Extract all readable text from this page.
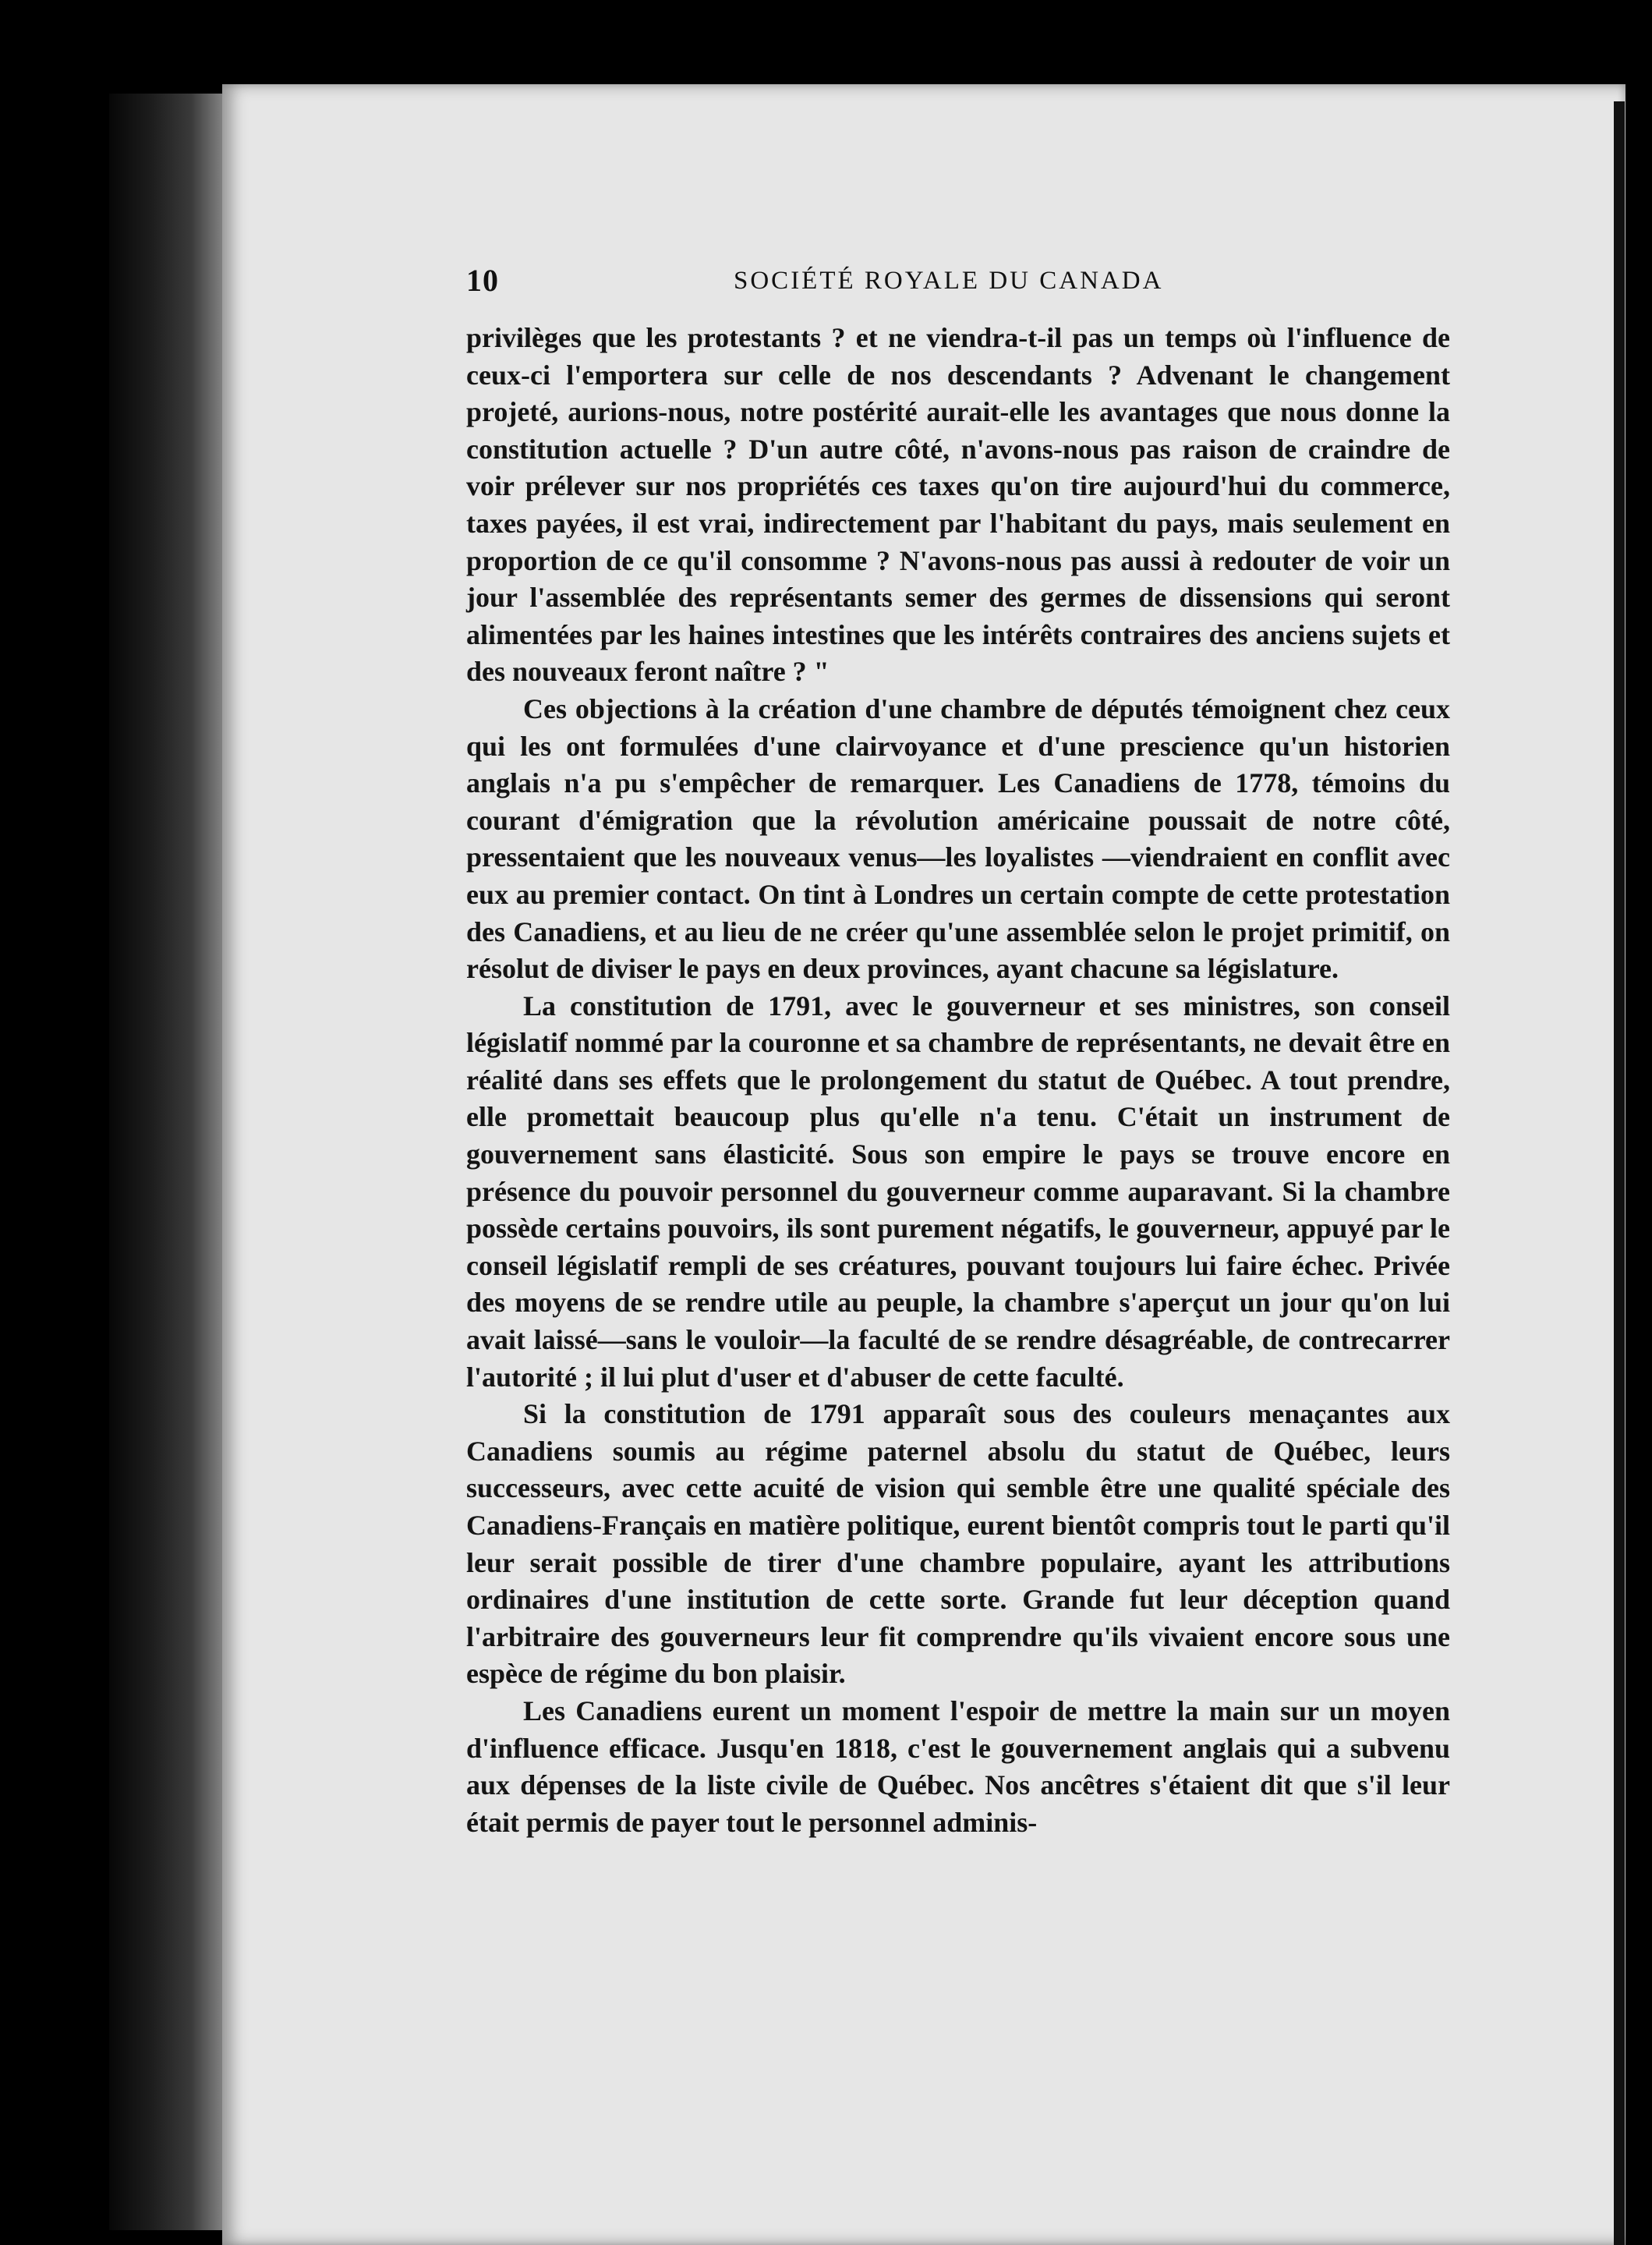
10	SOCIÉTÉ ROYALE DU CANADA

privilèges que les protestants ? et ne viendra-t-il pas un temps où l'influence de ceux-ci l'emportera sur celle de nos descendants ? Advenant le changement projeté, aurions-nous, notre postérité aurait-elle les avantages que nous donne la constitution actuelle ? D'un autre côté, n'avons-nous pas raison de craindre de voir prélever sur nos propriétés ces taxes qu'on tire aujourd'hui du commerce, taxes payées, il est vrai, indirectement par l'habitant du pays, mais seulement en proportion de ce qu'il consomme ? N'avons-nous pas aussi à redouter de voir un jour l'assemblée des représentants semer des germes de dissensions qui seront alimentées par les haines intestines que les intérêts contraires des anciens sujets et des nouveaux feront naître ? "

Ces objections à la création d'une chambre de députés témoignent chez ceux qui les ont formulées d'une clairvoyance et d'une prescience qu'un historien anglais n'a pu s'empêcher de remarquer. Les Canadiens de 1778, témoins du courant d'émigration que la révolution américaine poussait de notre côté, pressentaient que les nouveaux venus—les loyalistes —viendraient en conflit avec eux au premier contact. On tint à Londres un certain compte de cette protestation des Canadiens, et au lieu de ne créer qu'une assemblée selon le projet primitif, on résolut de diviser le pays en deux provinces, ayant chacune sa législature.

La constitution de 1791, avec le gouverneur et ses ministres, son conseil législatif nommé par la couronne et sa chambre de représentants, ne devait être en réalité dans ses effets que le prolongement du statut de Québec. A tout prendre, elle promettait beaucoup plus qu'elle n'a tenu. C'était un instrument de gouvernement sans élasticité. Sous son empire le pays se trouve encore en présence du pouvoir personnel du gouverneur comme auparavant. Si la chambre possède certains pouvoirs, ils sont purement négatifs, le gouverneur, appuyé par le conseil législatif rempli de ses créatures, pouvant toujours lui faire échec. Privée des moyens de se rendre utile au peuple, la chambre s'aperçut un jour qu'on lui avait laissé—sans le vouloir—la faculté de se rendre désagréable, de contrecarrer l'autorité ; il lui plut d'user et d'abuser de cette faculté.

Si la constitution de 1791 apparaît sous des couleurs menaçantes aux Canadiens soumis au régime paternel absolu du statut de Québec, leurs successeurs, avec cette acuité de vision qui semble être une qualité spéciale des Canadiens-Français en matière politique, eurent bientôt compris tout le parti qu'il leur serait possible de tirer d'une chambre populaire, ayant les attributions ordinaires d'une institution de cette sorte. Grande fut leur déception quand l'arbitraire des gouverneurs leur fit comprendre qu'ils vivaient encore sous une espèce de régime du bon plaisir.

Les Canadiens eurent un moment l'espoir de mettre la main sur un moyen d'influence efficace. Jusqu'en 1818, c'est le gouvernement anglais qui a subvenu aux dépenses de la liste civile de Québec. Nos ancêtres s'étaient dit que s'il leur était permis de payer tout le personnel adminis-
